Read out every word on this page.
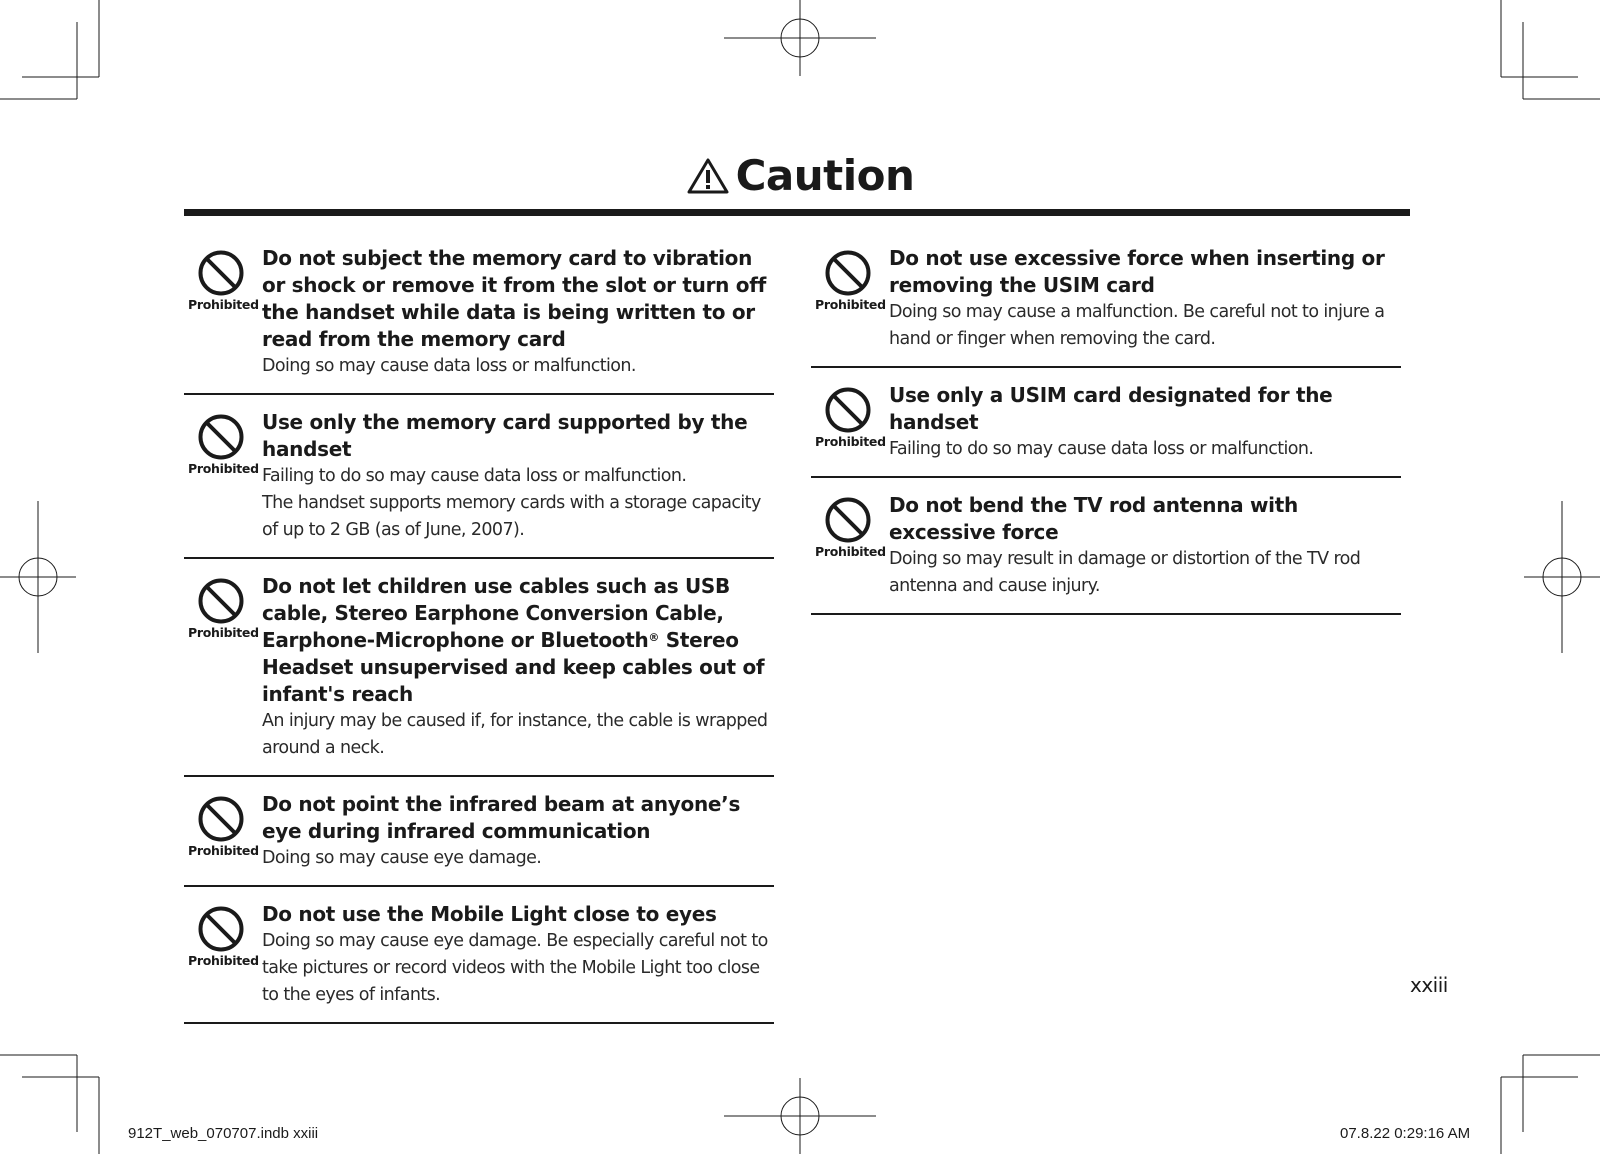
Caution
Prohibited
Do not subject the memory card to vibration or shock or remove it from the slot or turn off the handset while data is being written to or read from the memory card
Doing so may cause data loss or malfunction.
Prohibited
Use only the memory card supported by the handset
Failing to do so may cause data loss or malfunction.
The handset supports memory cards with a storage capacity of up to 2 GB (as of June, 2007).
Prohibited
Do not let children use cables such as USB cable, Stereo Earphone Conversion Cable, Earphone-Microphone or Bluetooth® Stereo Headset unsupervised and keep cables out of infant's reach
An injury may be caused if, for instance, the cable is wrapped around a neck.
Prohibited
Do not point the infrared beam at anyone’s eye during infrared communication
Doing so may cause eye damage.
Prohibited
Do not use the Mobile Light close to eyes
Doing so may cause eye damage. Be especially careful not to take pictures or record videos with the Mobile Light too close to the eyes of infants.
Prohibited
Do not use excessive force when inserting or removing the USIM card
Doing so may cause a malfunction. Be careful not to injure a hand or finger when removing the card.
Prohibited
Use only a USIM card designated for the handset
Failing to do so may cause data loss or malfunction.
Prohibited
Do not bend the TV rod antenna with excessive force
Doing so may result in damage or distortion of the TV rod antenna and cause injury.
xxiii
912T_web_070707.indb xxiii	07.8.22 0:29:16 AM
